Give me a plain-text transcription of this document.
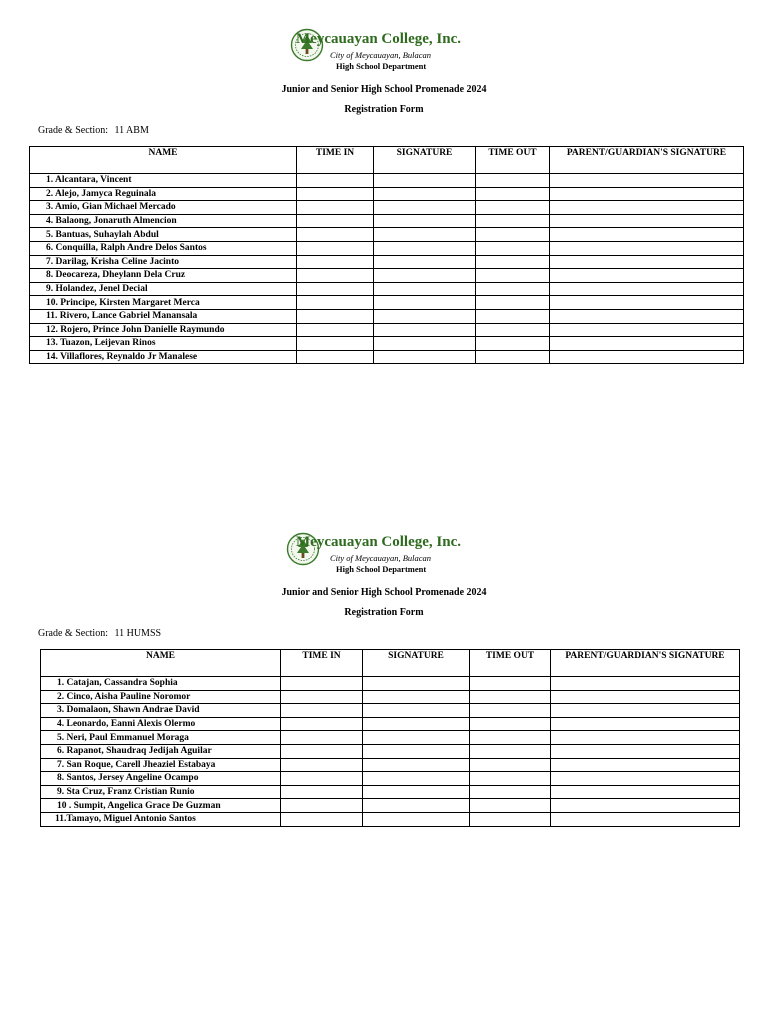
Meycauayan College, Inc.
City of Meycauayan, Bulacan
High School Department
Junior and Senior High School Promenade 2024
Registration Form
Grade & Section: 11 ABM
NAME	TIME IN	SIGNATURE	TIME OUT	PARENT/GUARDIAN'S SIGNATURE
1. Alcantara, Vincent				
2. Alejo, Jamyca Reguinala				
3. Amio, Gian Michael Mercado				
4. Balaong, Jonaruth Almencion				
5. Bantuas, Suhaylah Abdul				
6. Conquilla, Ralph Andre Delos Santos				
7. Darilag, Krisha Celine Jacinto				
8. Deocareza, Dheylann Dela Cruz				
9. Holandez, Jenel Decial				
10. Principe, Kirsten Margaret Merca				
11. Rivero, Lance Gabriel Manansala				
12. Rojero, Prince John Danielle Raymundo				
13. Tuazon, Leijevan Rinos				
14. Villaflores, Reynaldo Jr Manalese				
Meycauayan College, Inc.
City of Meycauayan, Bulacan
High School Department
Junior and Senior High School Promenade 2024
Registration Form
Grade & Section: 11 HUMSS
NAME	TIME IN	SIGNATURE	TIME OUT	PARENT/GUARDIAN'S SIGNATURE
1. Catajan, Cassandra Sophia				
2. Cinco, Aisha Pauline Noromor				
3. Domalaon, Shawn Andrae David				
4. Leonardo, Eanni Alexis Olermo				
5. Neri, Paul Emmanuel Moraga				
6. Rapanot, Shaudraq Jedijah Aguilar				
7. San Roque, Carell Jheaziel Estabaya				
8. Santos, Jersey Angeline Ocampo				
9. Sta Cruz, Franz Cristian Runio				
10 . Sumpit, Angelica Grace De Guzman				
11.Tamayo, Miguel Antonio Santos				
